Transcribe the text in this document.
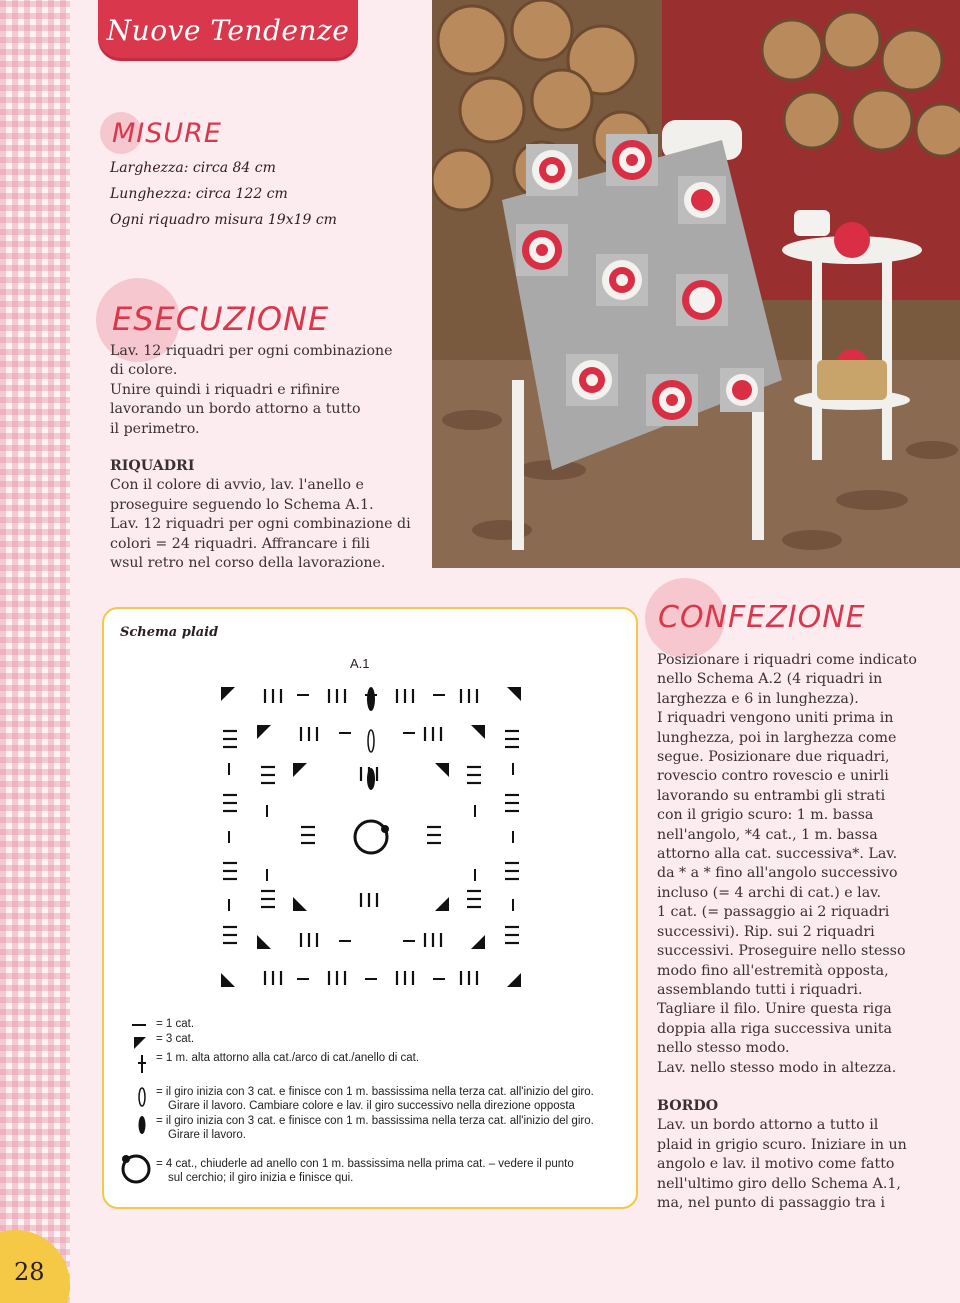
Nuove Tendenze
MISURE
Larghezza: circa 84 cm
Lunghezza: circa 122 cm
Ogni riquadro misura 19x19 cm
ESECUZIONE
Lav. 12 riquadri per ogni combinazione
di colore.
Unire quindi i riquadri e rifinire
lavorando un bordo attorno a tutto
il perimetro.
RIQUADRI
Con il colore di avvio, lav. l'anello e
proseguire seguendo lo Schema A.1.
Lav. 12 riquadri per ogni combinazione di
colori = 24 riquadri. Affrancare i fili
wsul retro nel corso della lavorazione.
Schema plaid
A.1
= 1 cat.
= 3 cat.
= 1 m. alta attorno alla cat./arco di cat./anello di cat.
= il giro inizia con 3 cat. e finisce con 1 m. bassissima nella terza cat. all'inizio del giro.
Girare il lavoro. Cambiare colore e lav. il giro successivo nella direzione opposta
= il giro inizia con 3 cat. e finisce con 1 m. bassissima nella terza cat. all'inizio del giro.
Girare il lavoro.
= 4 cat., chiuderle ad anello con 1 m. bassissima nella prima cat. – vedere il punto
sul cerchio; il giro inizia e finisce qui.
CONFEZIONE
Posizionare i riquadri come indicato
nello Schema A.2 (4 riquadri in
larghezza e 6 in lunghezza).
I riquadri vengono uniti prima in
lunghezza, poi in larghezza come
segue. Posizionare due riquadri,
rovescio contro rovescio e unirli
lavorando su entrambi gli strati
con il grigio scuro: 1 m. bassa
nell'angolo, *4 cat., 1 m. bassa
attorno alla cat. successiva*. Lav.
da * a * fino all'angolo successivo
incluso (= 4 archi di cat.) e lav.
1 cat. (= passaggio ai 2 riquadri
successivi). Rip. sui 2 riquadri
successivi. Proseguire nello stesso
modo fino all'estremità opposta,
assemblando tutti i riquadri.
Tagliare il filo. Unire questa riga
doppia alla riga successiva unita
nello stesso modo.
Lav. nello stesso modo in altezza.
BORDO
Lav. un bordo attorno a tutto il
plaid in grigio scuro. Iniziare in un
angolo e lav. il motivo come fatto
nell'ultimo giro dello Schema A.1,
ma, nel punto di passaggio tra i
28
